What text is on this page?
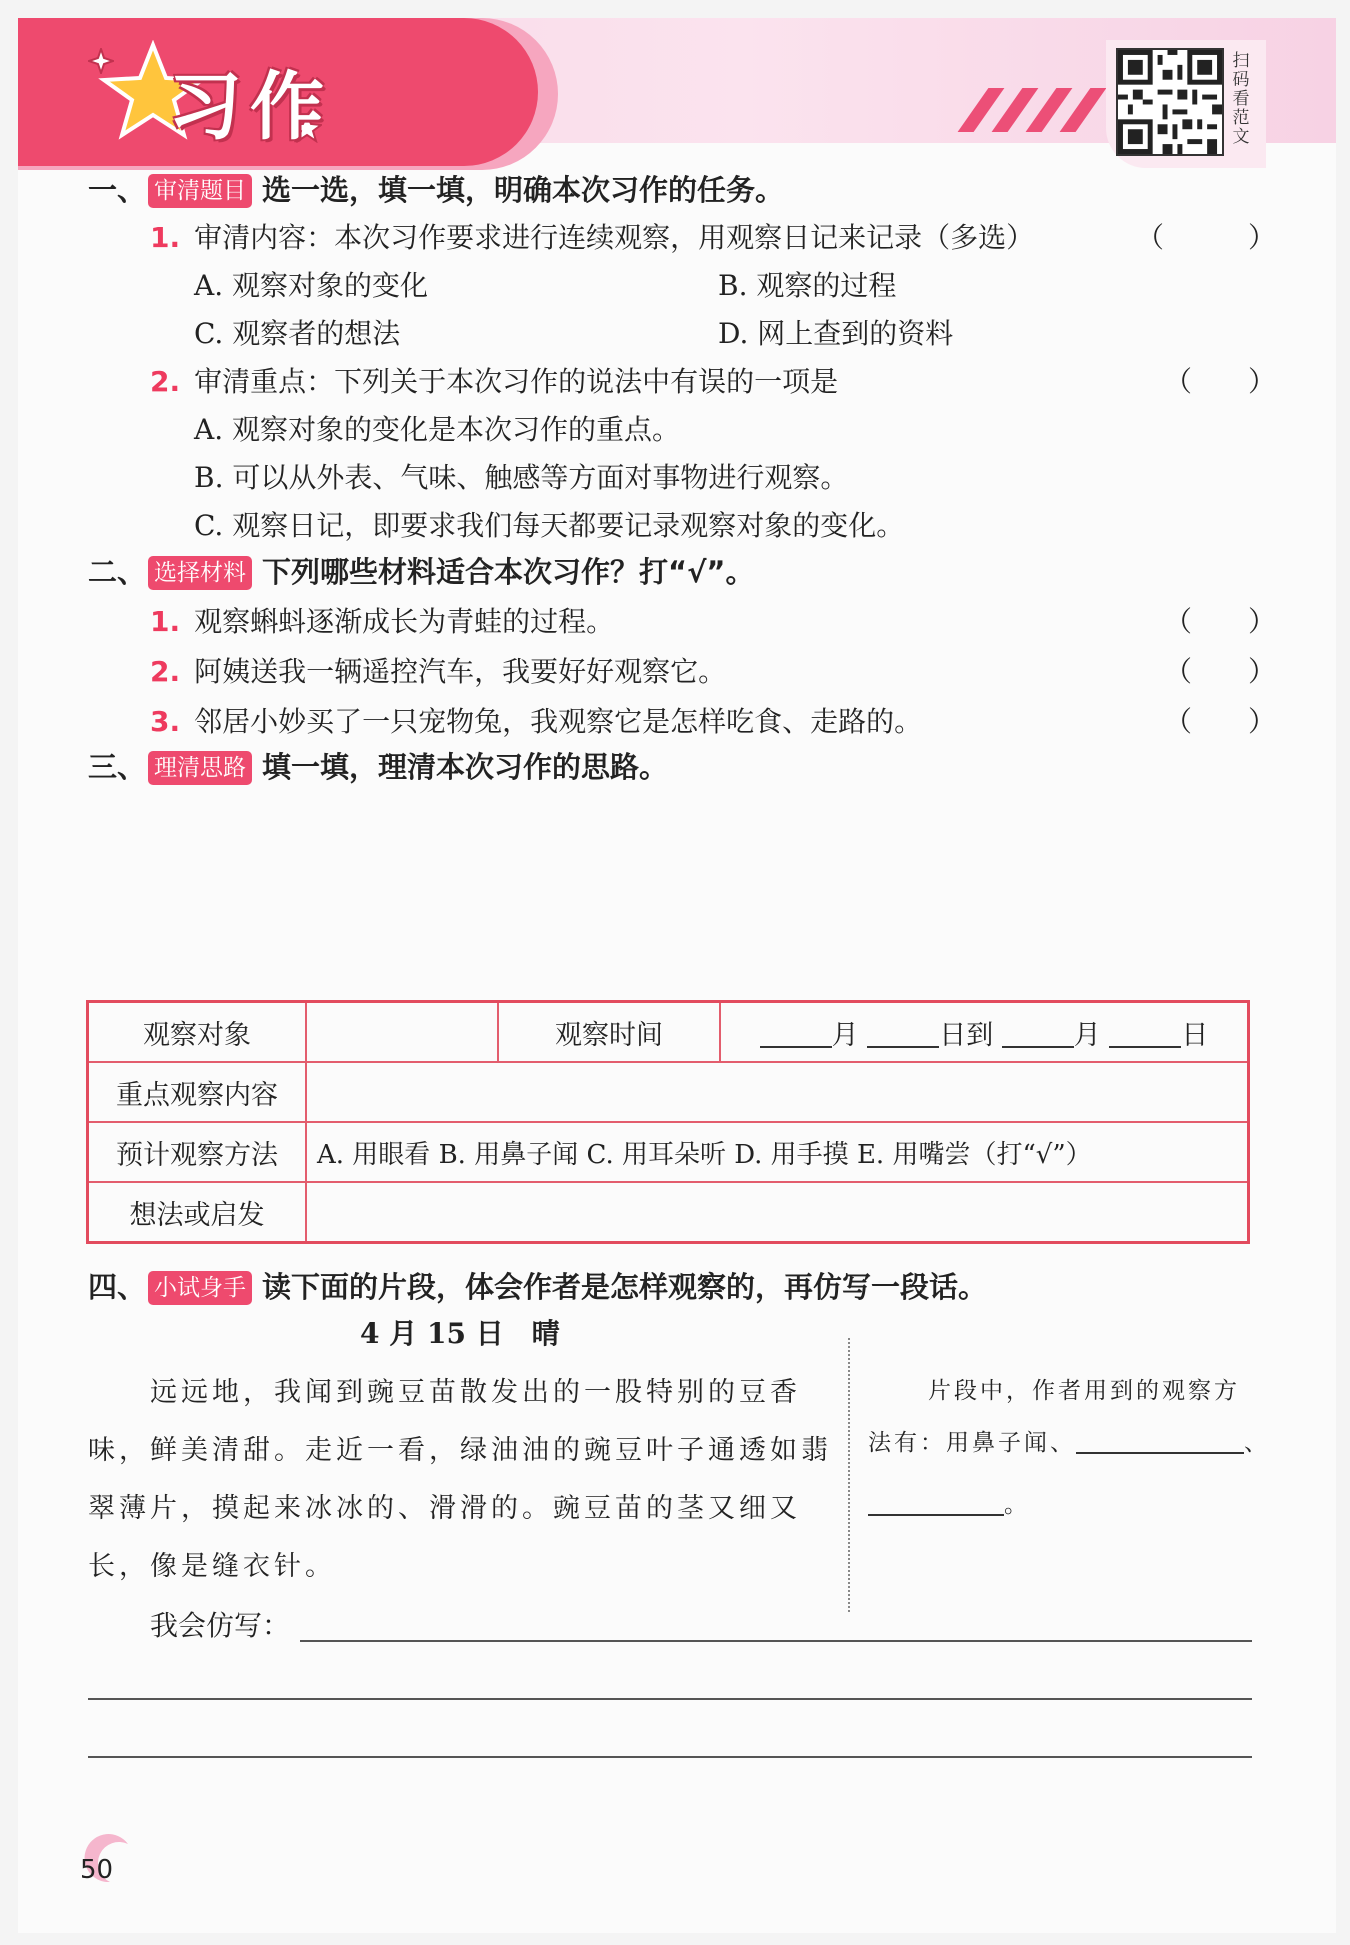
习作
扫码看范文
一、 审清题目 选一选，填一填，明确本次习作的任务。
1. 审清内容：本次习作要求进行连续观察，用观察日记来记录（多选）	（　　　）
A. 观察对象的变化	B. 观察的过程
C. 观察者的想法	D. 网上查到的资料
2. 审清重点：下列关于本次习作的说法中有误的一项是	（　　）
A. 观察对象的变化是本次习作的重点。
B. 可以从外表、气味、触感等方面对事物进行观察。
C. 观察日记，即要求我们每天都要记录观察对象的变化。
二、 选择材料 下列哪些材料适合本次习作？打“√”。
1. 观察蝌蚪逐渐成长为青蛙的过程。	（　　）
2. 阿姨送我一辆遥控汽车，我要好好观察它。	（　　）
3. 邻居小妙买了一只宠物兔，我观察它是怎样吃食、走路的。	（　　）
三、 理清思路 填一填，理清本次习作的思路。
观察对象		观察时间	月 日到 月 日
重点观察内容			
预计观察方法	A. 用眼看 B. 用鼻子闻 C. 用耳朵听 D. 用手摸 E. 用嘴尝（打“√”）		
想法或启发			
四、 小试身手 读下面的片段，体会作者是怎样观察的，再仿写一段话。
4 月 15 日　晴
远远地，我闻到豌豆苗散发出的一股特别的豆香
味，鲜美清甜。走近一看，绿油油的豌豆叶子通透如翡
翠薄片，摸起来冰冰的、滑滑的。豌豆苗的茎又细又
长，像是缝衣针。
片段中，作者用到的观察方
法有：用鼻子闻、	、
。
我会仿写：
50
